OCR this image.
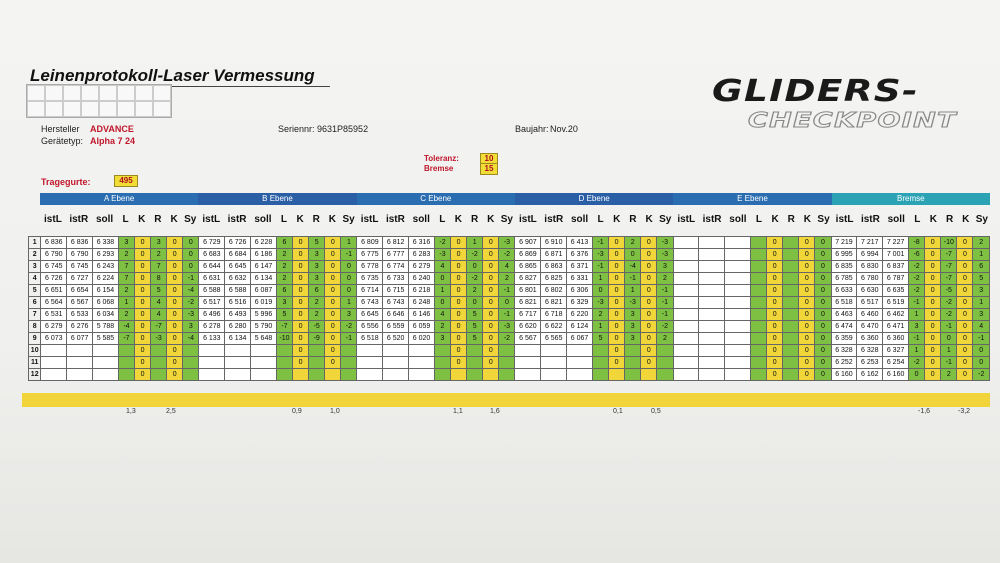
Leinenprotokoll-Laser Vermessung	GLIDERS-
CHECKPOINT
Hersteller ADVANCE
Gerätetyp: Alpha 7 24
Seriennr: 9631P85952	Baujahr: Nov.20
Toleranz:	10
Bremse	15
Tragegurte:	495
A Ebene	B Ebene	C Ebene	D Ebene	E Ebene	Bremse
istL istR soll L K R K Sy istL istR soll L K R K Sy istL istR soll L K R K Sy istL istR soll L K R K Sy istL istR soll L K R K Sy istL istR soll L K R K Sy
1	6 836	6 836	6 338	3	0	3	0	0	6 729	6 726	6 228	6	0	5	0	1	6 809	6 812	6 316	-2	0	1	0	-3	6 907	6 910	6 413	-1	0	2	0	-3					0		0	0	7 219	7 217	7 227	-8	0	-10	0	2
2	6 790	6 790	6 293	2	0	2	0	0	6 683	6 684	6 186	2	0	3	0	-1	6 775	6 777	6 283	-3	0	-2	0	-2	6 869	6 871	6 376	-3	0	0	0	-3					0		0	0	6 995	6 994	7 001	-6	0	-7	0	1
3	6 745	6 745	6 243	7	0	7	0	0	6 644	6 645	6 147	2	0	3	0	0	6 778	6 774	6 279	4	0	0	0	4	6 865	6 863	6 371	-1	0	-4	0	3					0		0	0	6 835	6 830	6 837	-2	0	-7	0	6
4	6 726	6 727	6 224	7	0	8	0	-1	6 631	6 632	6 134	2	0	3	0	0	6 735	6 733	6 240	0	0	-2	0	2	6 827	6 825	6 331	1	0	-1	0	2					0		0	0	6 785	6 780	6 787	-2	0	-7	0	5
5	6 651	6 654	6 154	2	0	5	0	-4	6 588	6 588	6 087	6	0	6	0	0	6 714	6 715	6 218	1	0	2	0	-1	6 801	6 802	6 306	0	0	1	0	-1					0		0	0	6 633	6 630	6 635	-2	0	-5	0	3
6	6 564	6 567	6 068	1	0	4	0	-2	6 517	6 516	6 019	3	0	2	0	1	6 743	6 743	6 248	0	0	0	0	0	6 821	6 821	6 329	-3	0	-3	0	-1					0		0	0	6 518	6 517	6 519	-1	0	-2	0	1
7	6 531	6 533	6 034	2	0	4	0	-3	6 496	6 493	5 996	5	0	2	0	3	6 645	6 646	6 146	4	0	5	0	-1	6 717	6 718	6 220	2	0	3	0	-1					0		0	0	6 463	6 460	6 462	1	0	-2	0	3
8	6 279	6 276	5 788	-4	0	-7	0	3	6 278	6 280	5 790	-7	0	-5	0	-2	6 556	6 559	6 059	2	0	5	0	-3	6 620	6 622	6 124	1	0	3	0	-2					0		0	0	6 474	6 470	6 471	3	0	-1	0	4
9	6 073	6 077	5 585	-7	0	-3	0	-4	6 133	6 134	5 648	-10	0	-9	0	-1	6 518	6 520	6 020	3	0	5	0	-2	6 567	6 565	6 067	5	0	3	0	2					0		0	0	6 359	6 360	6 360	-1	0	0	0	-1
10					0		0						0		0						0		0						0		0						0		0	0	6 328	6 328	6 327	1	0	1	0	0
11					0		0						0		0						0		0						0		0						0		0	0	6 252	6 253	6 254	-2	0	-1	0	0
12					0		0																														0		0	0	6 160	6 162	6 160	0	0	2	0	-2
1,3	2,5	0,9	1,0	1,1	1,6	0,1	0,5	-1,6	-3,2
